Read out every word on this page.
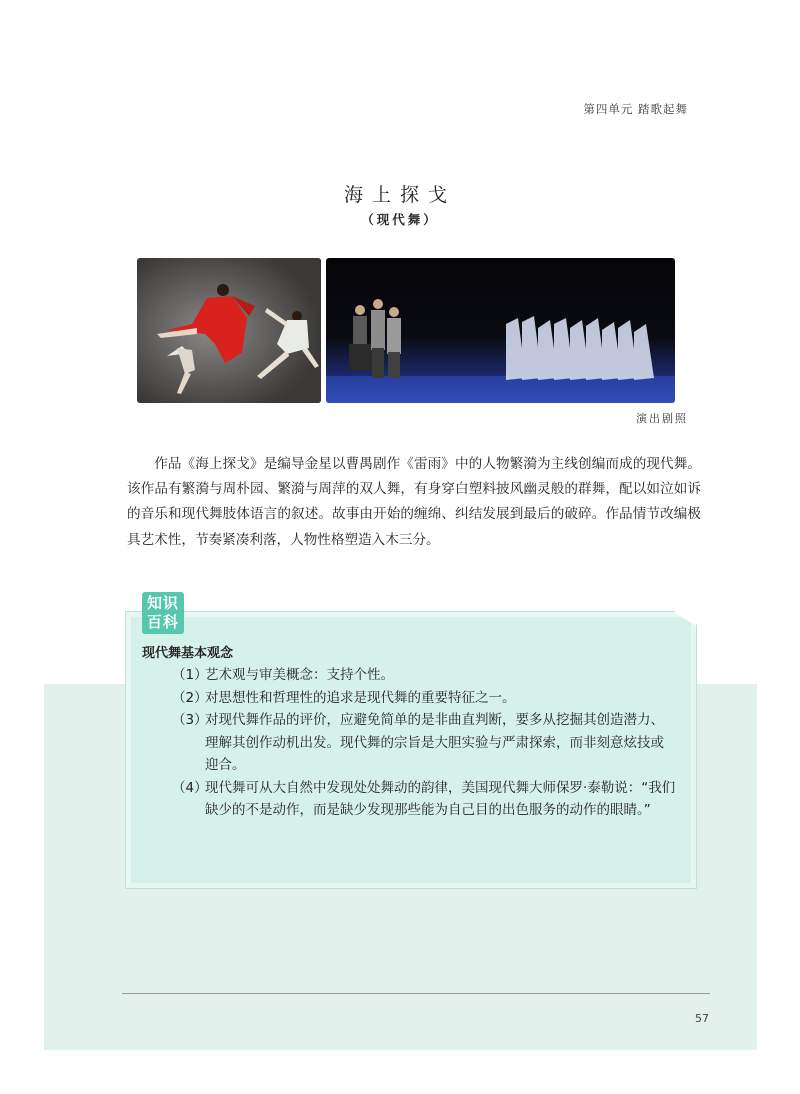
第四单元 踏歌起舞
海上探戈
（现代舞）
演出剧照

作品《海上探戈》是编导金星以曹禺剧作《雷雨》中的人物繁漪为主线创编而成的现代舞。该作品有繁漪与周朴园、繁漪与周萍的双人舞，有身穿白塑料披风幽灵般的群舞，配以如泣如诉的音乐和现代舞肢体语言的叙述。故事由开始的缠绵、纠结发展到最后的破碎。作品情节改编极具艺术性，节奏紧凑利落，人物性格塑造入木三分。

知识
百科
现代舞基本观念
（1）
艺术观与审美概念：支持个性。
（2）
对思想性和哲理性的追求是现代舞的重要特征之一。
（3）
对现代舞作品的评价，应避免简单的是非曲直判断，要多从挖掘其创造潜力、理解其创作动机出发。现代舞的宗旨是大胆实验与严肃探索，而非刻意炫技或迎合。
（4）
现代舞可从大自然中发现处处舞动的韵律，美国现代舞大师保罗·泰勒说：“我们缺少的不是动作，而是缺少发现那些能为自己目的出色服务的动作的眼睛。”
57
